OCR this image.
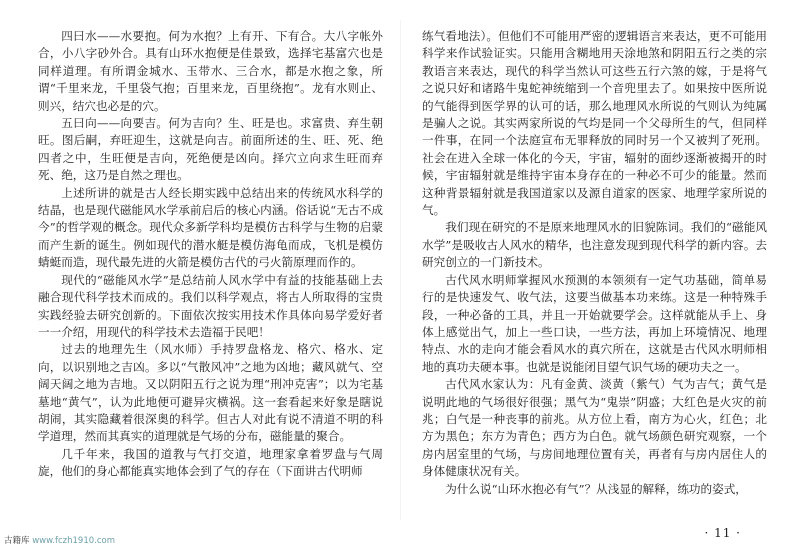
四曰水——水要抱。何为水抱？上有开、下有合。大八字帐外合，小八字砂外合。具有山环水抱便是佳景致，选择宅基富穴也是同样道理。有所谓金城水、玉带水、三合水，都是水抱之象，所谓“千里来龙，千里袋气抱；百里来龙，百里绕抱”。龙有水则止、则兴，结穴也必是的穴。

五曰向——向要吉。何为吉向？生、旺是也。求富贵、弃生朝旺。图后嗣，弃旺迎生，这就是向吉。前面所述的生、旺、死、绝四者之中，生旺便是吉向，死绝便是凶向。择穴立向求生旺而弃死、绝，这乃是自然之理也。

上述所讲的就是古人经长期实践中总结出来的传统风水科学的结晶，也是现代磁能风水学承前启后的核心内涵。俗话说“无古不成今”的哲学观的概念。现代众多新学科均是模仿古科学与生物的启蒙而产生新的诞生。例如现代的潜水艇是模仿海龟而成，飞机是模仿蜻蜓而造，现代最先进的火箭是模仿古代的弓火箭原理而作的。

现代的“磁能风水学”是总结前人风水学中有益的技能基础上去融合现代科学技术而成的。我们以科学观点，将古人所取得的宝贵实践经验去研究创新的。下面依次按实用技术作具体向易学爱好者一一介绍，用现代的科学技术去造福于民吧！

过去的地理先生（风水师）手持罗盘格龙、格穴、格水、定向，以识别地之吉凶。多以“气散风冲”之地为凶地；藏风就气、空阔天阔之地为吉地。又以阴阳五行之说为理“刑冲克害”；以为宅基墓地“黄气”，认为此地便可避异灾横祸。这一套看起来好象是瞎说胡闹，其实隐藏着很深奥的科学。但古人对此有说不清道不明的科学道理，然而其真实的道理就是气场的分布，磁能量的聚合。

几千年来，我国的道教与气打交道，地理家拿着罗盘与气周旋，他们的身心都能真实地体会到了气的存在（下面讲古代明师

练气看地法）。但他们不可能用严密的逻辑语言来表达，更不可能用科学来作试验证实。只能用含糊地用天涂地煞和阴阳五行之类的宗教语言来表达，现代的科学当然认可这些五行六煞的嫁，于是将气之说只好和诸路牛鬼蛇神统缩到一个音兜里去了。如果按中医所说的气能得到医学界的认可的话，那么地理风水所说的气则认为纯属是骗人之说。其实两家所说的气均是同一个父母所生的气，但同样一件事，在同一个法庭宣布无罪释放的同时另一个又被判了死刑。社会在进入全球一体化的今天，宇宙，辐射的面纱逐渐被揭开的时候，宇宙辐射就是维持宇宙本身存在的一种必不可少的能量。然而这种背景辐射就是我国道家以及源自道家的医家、地理学家所说的气。

我们现在研究的不是原来地理风水的旧貌陈词。我们的“磁能风水学”是吸收古人风水的精华，也注意发现到现代科学的新内容。去研究创立的一门新技术。

古代风水明师掌握风水预测的本领须有一定气功基础，简单易行的是快速发气、收气法，这要当做基本功来练。这是一种特殊手段，一种必备的工具，并且一开始就要学会。这样就能从手上、身体上感觉出气，加上一些口诀，一些方法，再加上环境情况、地理特点、水的走向才能会看风水的真穴所在，这就是古代风水明师相地的真功夫硬本事。也就是说能闭目望气识气场的硬功夫之一。

古代风水家认为：凡有金黄、淡黄（紫气）气为吉气；黄气是说明此地的气场很好很强；黑气为“鬼崇”阴盛；大红色是火灾的前兆；白气是一种丧事的前兆。从方位上看，南方为心火，红色；北方为黑色；东方为青色；西方为白色。就气场颜色研究观察，一个房内居室里的气场，与房间地理位置有关，再者有与房内居住人的身体健康状况有关。

为什么说“山环水抱必有气”？从浅显的解释，练功的姿式，

· 11 ·
古籍库 www.fczh1910.com
